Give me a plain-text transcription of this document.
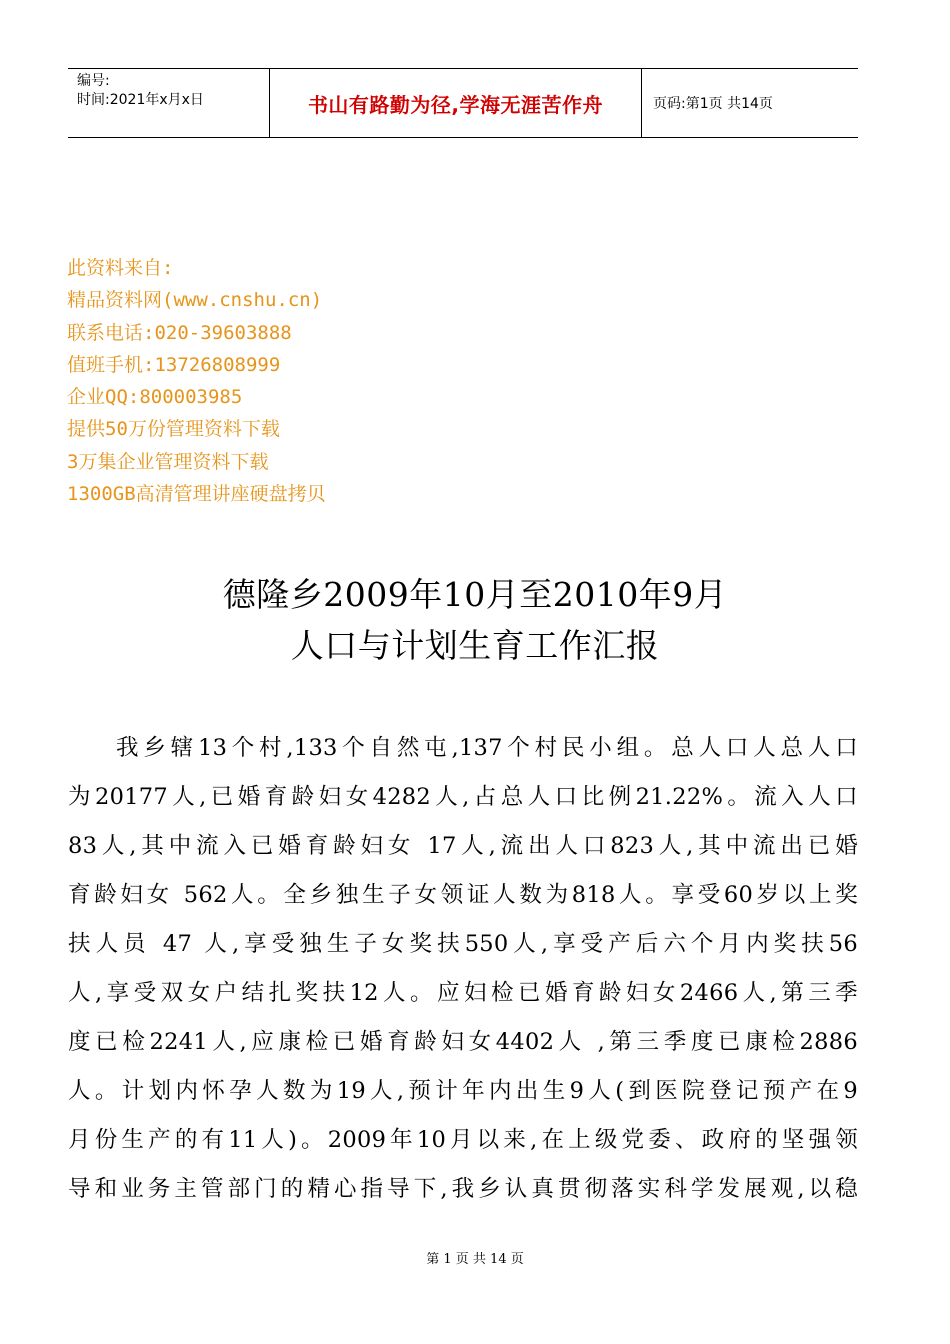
编号:
时间:2021年x月x日	书山有路勤为径,学海无涯苦作舟	页码:第1页 共14页
此资料来自:
精品资料网(www.cnshu.cn)
联系电话:020-39603888
值班手机:13726808999
企业QQ:800003985
提供50万份管理资料下载
3万集企业管理资料下载
1300GB高清管理讲座硬盘拷贝
德隆乡2009年10月至2010年9月
人口与计划生育工作汇报
我乡辖13个村,133个自然屯,137个村民小组。总人口人总人口
为20177人,已婚育龄妇女4282人,占总人口比例21.22%。流入人口
83人,其中流入已婚育龄妇女 17人,流出人口823人,其中流出已婚
育龄妇女 562人。全乡独生子女领证人数为818人。享受60岁以上奖
扶人员 47 人,享受独生子女奖扶550人,享受产后六个月内奖扶56
人,享受双女户结扎奖扶12人。应妇检已婚育龄妇女2466人,第三季
度已检2241人,应康检已婚育龄妇女4402人 ,第三季度已康检2886
人。计划内怀孕人数为19人,预计年内出生9人(到医院登记预产在9
月份生产的有11人)。2009年10月以来,在上级党委、政府的坚强领
导和业务主管部门的精心指导下,我乡认真贯彻落实科学发展观,以稳
第 1 页 共 14 页
